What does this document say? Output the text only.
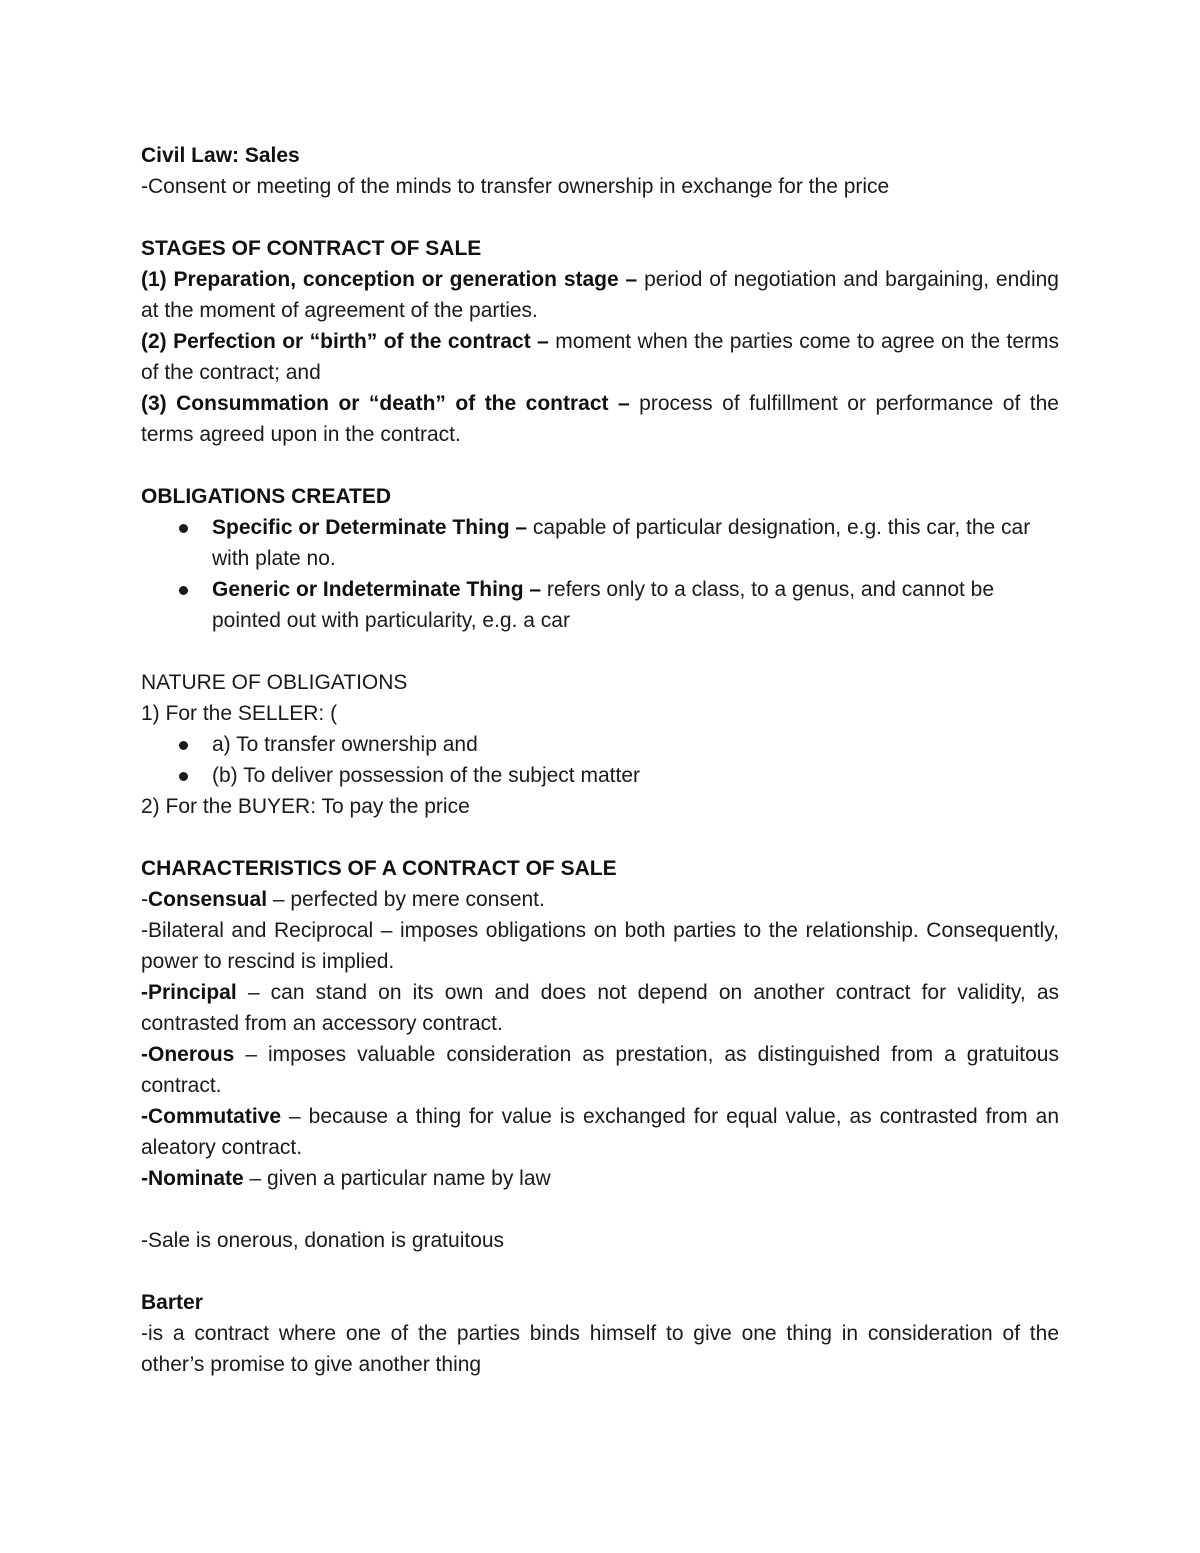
Civil Law: Sales

-Consent or meeting of the minds to transfer ownership in exchange for the price

STAGES OF CONTRACT OF SALE

(1) Preparation, conception or generation stage – period of negotiation and bargaining, ending at the moment of agreement of the parties.

(2) Perfection or “birth” of the contract – moment when the parties come to agree on the terms of the contract; and

(3) Consummation or “death” of the contract – process of fulfillment or performance of the terms agreed upon in the contract.

OBLIGATIONS CREATED

Specific or Determinate Thing – capable of particular designation, e.g. this car, the car with plate no.
Generic or Indeterminate Thing – refers only to a class, to a genus, and cannot be pointed out with particularity, e.g. a car

NATURE OF OBLIGATIONS

1) For the SELLER: (

a) To transfer ownership and
(b) To deliver possession of the subject matter

2) For the BUYER: To pay the price

CHARACTERISTICS OF A CONTRACT OF SALE

-Consensual – perfected by mere consent.

-Bilateral and Reciprocal – imposes obligations on both parties to the relationship. Consequently, power to rescind is implied.

-Principal – can stand on its own and does not depend on another contract for validity, as contrasted from an accessory contract.

-Onerous – imposes valuable consideration as prestation, as distinguished from a gratuitous contract.

-Commutative – because a thing for value is exchanged for equal value, as contrasted from an aleatory contract.

-Nominate – given a particular name by law

-Sale is onerous, donation is gratuitous

Barter

-is a contract where one of the parties binds himself to give one thing in consideration of the other’s promise to give another thing
